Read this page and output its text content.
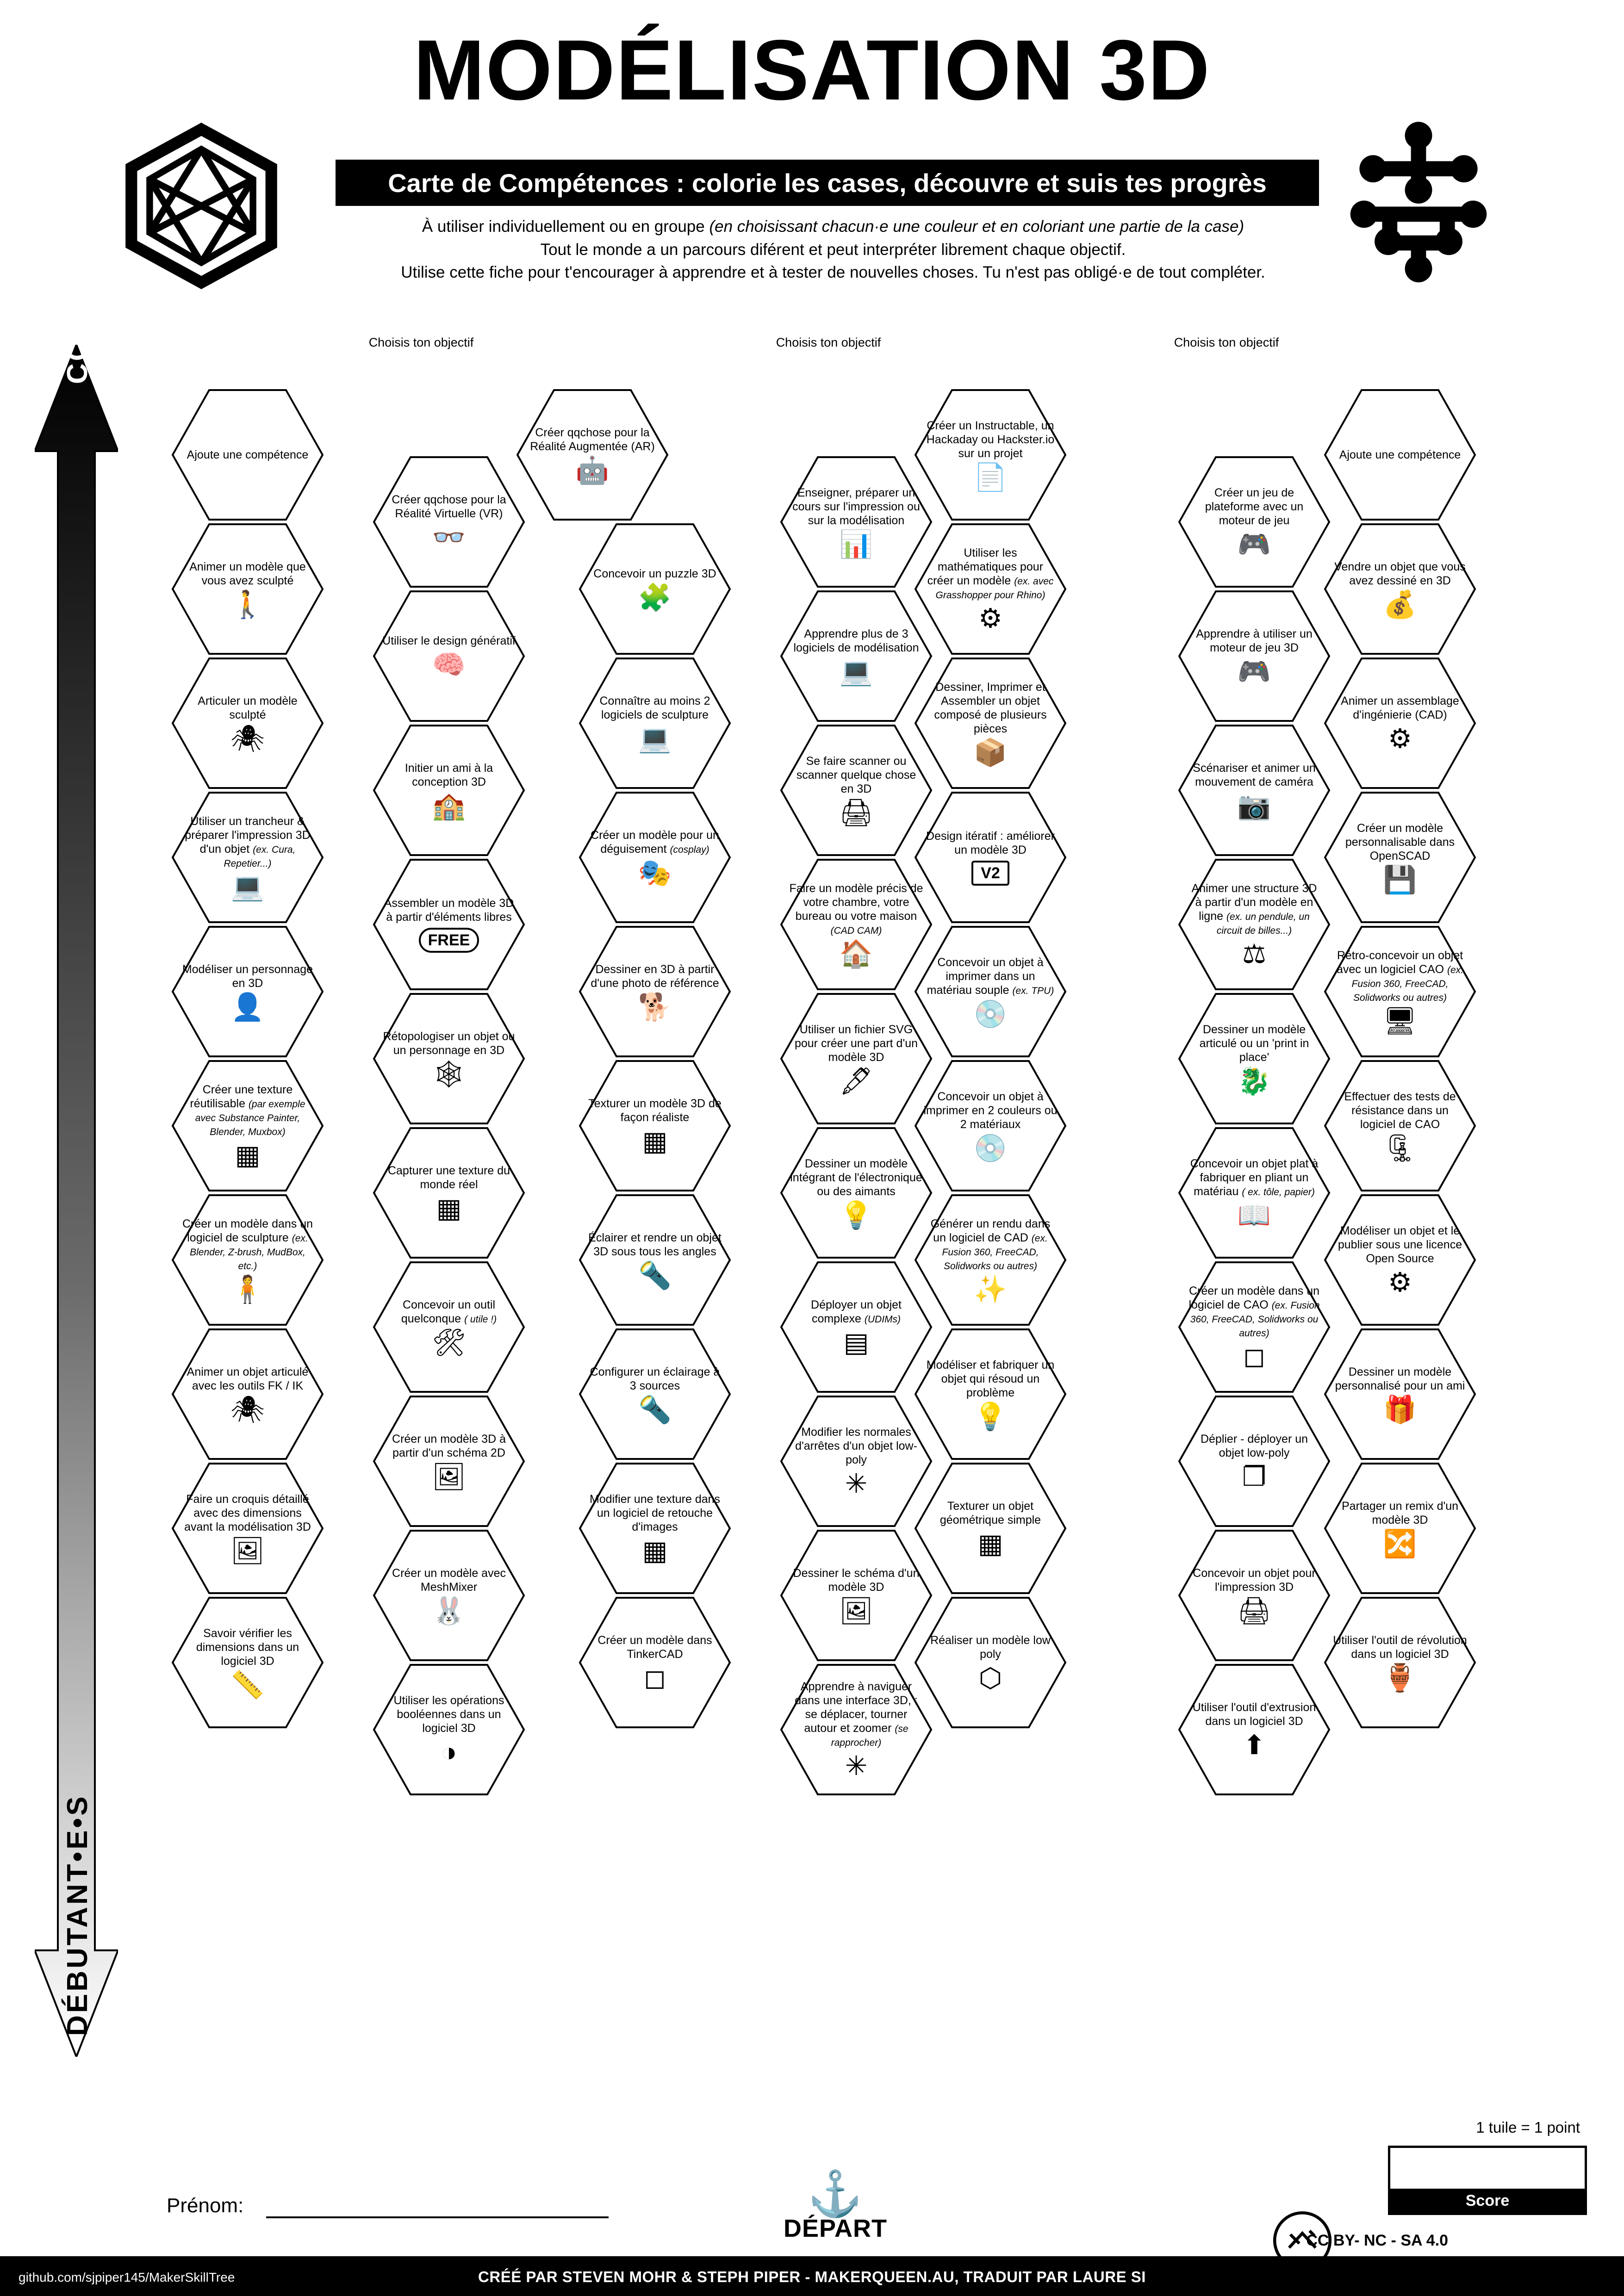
MODÉLISATION 3D
Carte de Compétences : colorie les cases, découvre et suis tes progrès
À utiliser individuellement ou en groupe (en choisissant chacun·e une couleur et en coloriant une partie de la case)
Tout le monde a un parcours diférent et peut interpréter librement chaque objectif.
Utilise cette fiche pour t'encourager à apprendre et à tester de nouvelles choses. Tu n'est pas obligé·e de tout compléter.
CONFIRMÉ•E•S
DÉBUTANT•E•S
Choisis ton objectif	Choisis ton objectif	Choisis ton objectif
Ajoute une compétence
Créer qqchose pour la Réalité Augmentée (AR)
🤖
Créer un Instructable, un Hackaday ou Hackster.io sur un projet
📄
Ajoute une compétence
Créer qqchose pour la Réalité Virtuelle (VR)
👓
Enseigner, préparer un cours sur l'impression ou sur la modélisation
📊
Créer un jeu de plateforme avec un moteur de jeu
🎮
Animer un modèle que vous avez sculpté
🚶
Concevoir un puzzle 3D
🧩
Utiliser les mathématiques pour créer un modèle (ex. avec Grasshopper pour Rhino)
⚙
Vendre un objet que vous avez dessiné en 3D
💰
Utiliser le design génératif
🧠
Apprendre plus de 3 logiciels de modélisation
💻
Apprendre à utiliser un moteur de jeu 3D
🎮
Articuler un modèle sculpté
🕷
Connaître au moins 2 logiciels de sculpture
💻
Dessiner, Imprimer et Assembler un objet composé de plusieurs pièces
📦
Animer un assemblage d'ingénierie (CAD)
⚙
Initier un ami à la conception 3D
🏫
Se faire scanner ou scanner quelque chose en 3D
🖨
Scénariser et animer un mouvement de caméra
📷
Utiliser un trancheur & préparer l'impression 3D d'un objet (ex. Cura, Repetier...)
💻
Créer un modèle pour un déguisement (cosplay)
🎭
Design itératif : améliorer un modèle 3D
V2
Créer un modèle personnalisable dans OpenSCAD
💾
Assembler un modèle 3D à partir d'éléments libres
FREE
Faire un modèle précis de votre chambre, votre bureau ou votre maison (CAD CAM)
🏠
Animer une structure 3D à partir d'un modèle en ligne (ex. un pendule, un circuit de billes...)
⚖
Modéliser un personnage en 3D
👤
Dessiner en 3D à partir d'une photo de référence
🐕
Concevoir un objet à imprimer dans un matériau souple (ex. TPU)
💿
Rétro-concevoir un objet avec un logiciel CAO (ex. Fusion 360, FreeCAD, Solidworks ou autres)
🖥
Rétopologiser un objet ou un personnage en 3D
🕸
Utiliser un fichier SVG pour créer une part d'un modèle 3D
🖋
Dessiner un modèle articulé ou un 'print in place'
🐉
Créer une texture réutilisable (par exemple avec Substance Painter, Blender, Muxbox)
▦
Texturer un modèle 3D de façon réaliste
▦
Concevoir un objet à imprimer en 2 couleurs ou 2 matériaux
💿
Effectuer des tests de résistance dans un logiciel de CAO
🗜
Capturer une texture du monde réel
▦
Dessiner un modèle intégrant de l'électronique ou des aimants
💡
Concevoir un objet plat à fabriquer en pliant un matériau ( ex. tôle, papier)
📖
Créer un modèle dans un logiciel de sculpture (ex. Blender, Z-brush, MudBox, etc.)
🧍
Éclairer et rendre un objet 3D sous tous les angles
🔦
Générer un rendu dans un logiciel de CAD (ex. Fusion 360, FreeCAD, Solidworks ou autres)
✨
Modéliser un objet et le publier sous une licence Open Source
⚙
Concevoir un outil quelconque ( utile !)
🛠
Déployer un objet complexe (UDIMs)
▤
Créer un modèle dans un logiciel de CAO (ex. Fusion 360, FreeCAD, Solidworks ou autres)
◻
Animer un objet articulé avec les outils FK / IK
🕷
Configurer un éclairage à 3 sources
🔦
Modéliser et fabriquer un objet qui résoud un problème
💡
Dessiner un modèle personnalisé pour un ami
🎁
Créer un modèle 3D à partir d'un schéma 2D
🖼
Modifier les normales d'arrêtes d'un objet low-poly
✳
Déplier - déployer un objet low-poly
❐
Faire un croquis détaillé avec des dimensions avant la modélisation 3D
🖼
Modifier une texture dans un logiciel de retouche d'images
▦
Texturer un objet géométrique simple
▦
Partager un remix d'un modèle 3D
🔀
Créer un modèle avec MeshMixer
🐰
Dessiner le schéma d'un modèle 3D
🖼
Concevoir un objet pour l'impression 3D
🖨
Savoir vérifier les dimensions dans un logiciel 3D
📏
Créer un modèle dans TinkerCAD
◻
Réaliser un modèle low poly
⬡
Utiliser l'outil de révolution dans un logiciel 3D
🏺
Utiliser les opérations booléennes dans un logiciel 3D
◑
Apprendre à naviguer dans une interface 3D, : se déplacer, tourner autour et zoomer (se rapprocher)
✳
Utiliser l'outil d'extrusion dans un logiciel 3D
⬆
Prénom:	⚓
DÉPART
1 tuile = 1 point
Score
CC BY- NC - SA 4.0
github.com/sjpiper145/MakerSkillTree	CRÉÉ PAR STEVEN MOHR & STEPH PIPER - MAKERQUEEN.AU, TRADUIT PAR LAURE SI
